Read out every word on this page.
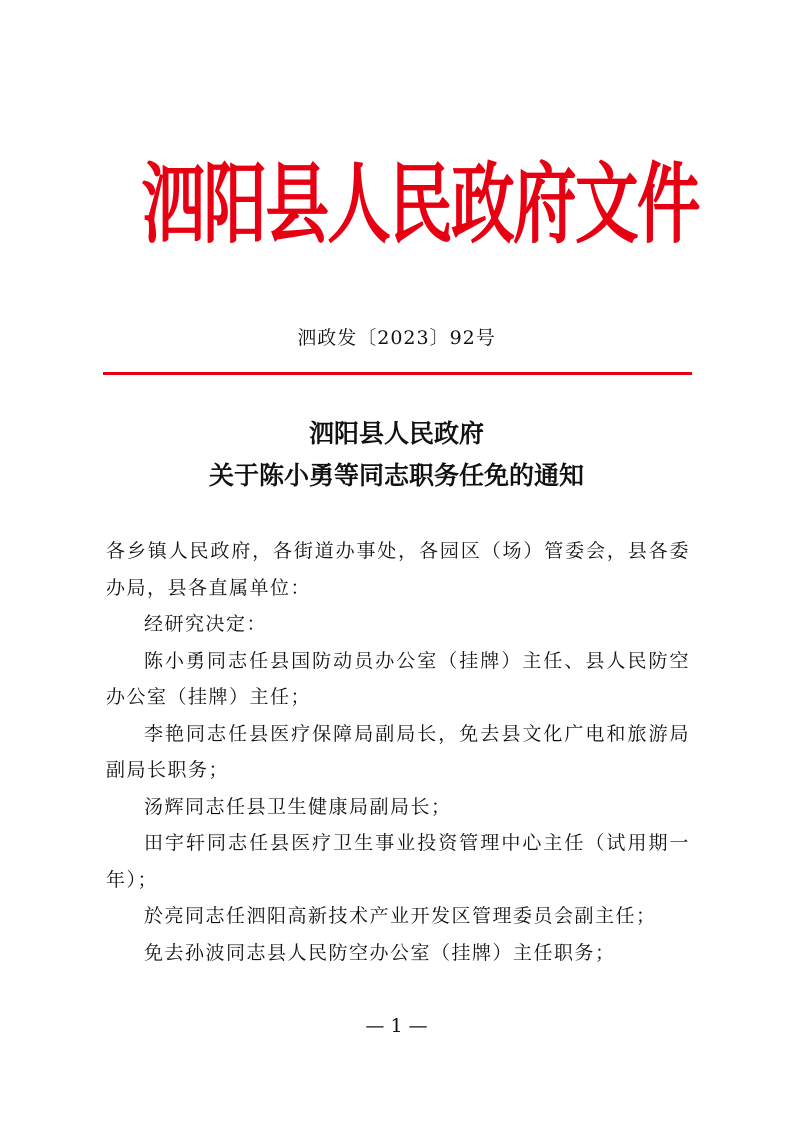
泗阳县人民政府文件
泗政发〔2023〕92号
泗阳县人民政府
关于陈小勇等同志职务任免的通知

各乡镇人民政府，各街道办事处，各园区（场）管委会，县各委办局，县各直属单位：

经研究决定：

陈小勇同志任县国防动员办公室（挂牌）主任、县人民防空办公室（挂牌）主任；

李艳同志任县医疗保障局副局长，免去县文化广电和旅游局副局长职务；

汤辉同志任县卫生健康局副局长；

田宇轩同志任县医疗卫生事业投资管理中心主任（试用期一年）；

於亮同志任泗阳高新技术产业开发区管理委员会副主任；

免去孙波同志县人民防空办公室（挂牌）主任职务；

— 1 —
